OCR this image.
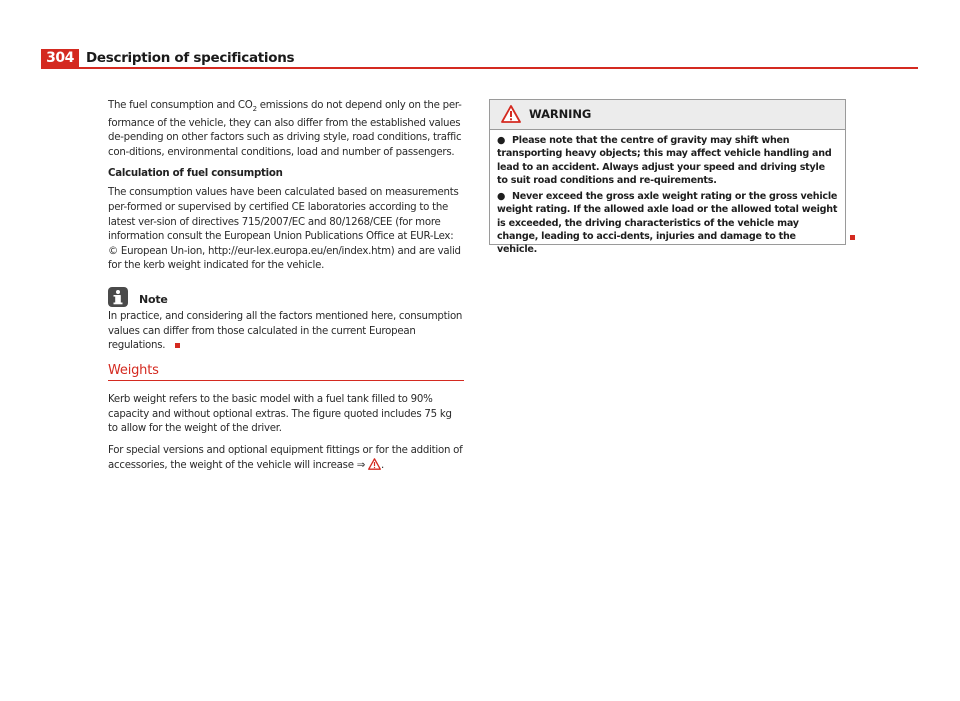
304 Description of specifications

The fuel consumption and $CO_2$ emissions do not depend only on the per-formance of the vehicle, they can also differ from the established values de-pending on other factors such as driving style, road conditions, traffic con-ditions, environmental conditions, load and number of passengers.

Calculation of fuel consumption

The consumption values have been calculated based on measurements per-formed or supervised by certified CE laboratories according to the latest ver-sion of directives 715/2007/EC and 80/1268/CEE (for more information consult the European Union Publications Office at EUR-Lex: © European Un-ion, http://eur-lex.europa.eu/en/index.htm) and are valid for the kerb weight indicated for the vehicle.

Note

In practice, and considering all the factors mentioned here, consumption values can differ from those calculated in the current European regulations.

Weights

Kerb weight refers to the basic model with a fuel tank filled to 90% capacity and without optional extras. The figure quoted includes 75 kg to allow for the weight of the driver.

For special versions and optional equipment fittings or for the addition of accessories, the weight of the vehicle will increase ⇒ .

WARNING

● Please note that the centre of gravity may shift when transporting heavy objects; this may affect vehicle handling and lead to an accident. Always adjust your speed and driving style to suit road conditions and re-quirements.

● Never exceed the gross axle weight rating or the gross vehicle weight rating. If the allowed axle load or the allowed total weight is exceeded, the driving characteristics of the vehicle may change, leading to acci-dents, injuries and damage to the vehicle.
